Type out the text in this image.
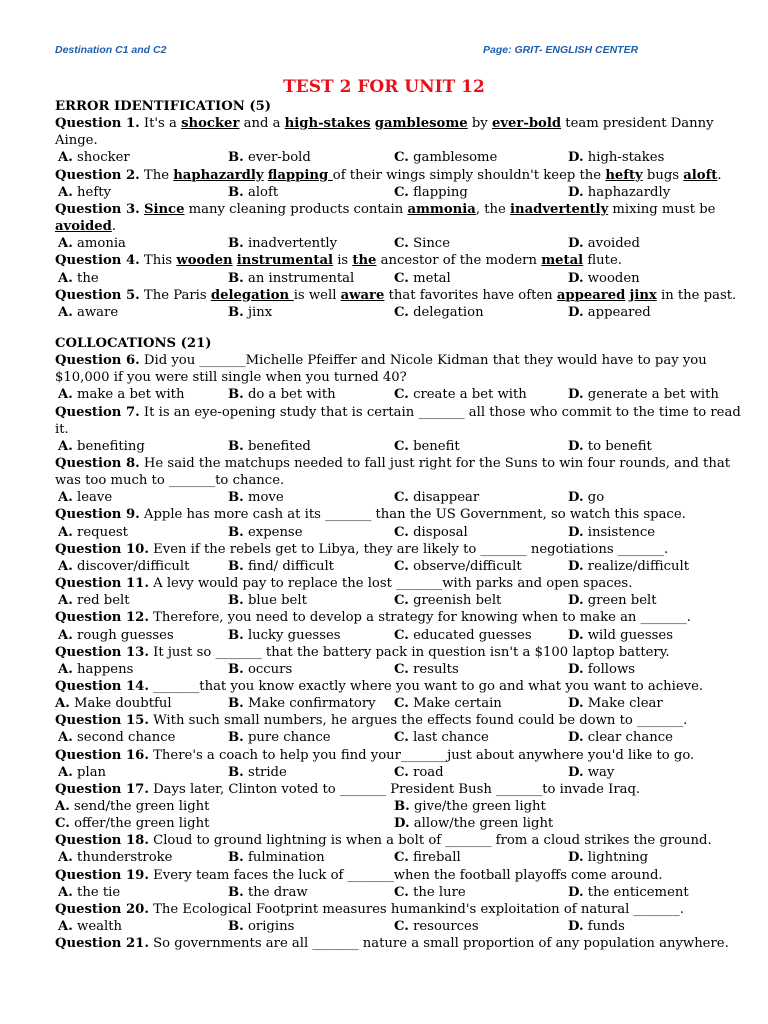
Destination C1 and C2	Page: GRIT- ENGLISH CENTER
TEST 2 FOR UNIT 12
ERROR IDENTIFICATION (5)
Question 1. It's a shocker and a high-stakes gamblesome by ever-bold team president Danny
Ainge.
A. shocker	B. ever-bold	C. gamblesome	D. high-stakes
Question 2. The haphazardly flapping of their wings simply shouldn't keep the hefty bugs aloft.
A. hefty	B. aloft	C. flapping	D. haphazardly
Question 3. Since many cleaning products contain ammonia, the inadvertently mixing must be
avoided.
A. amonia	B. inadvertently	C. Since	D. avoided
Question 4. This wooden instrumental is the ancestor of the modern metal flute.
A. the	B. an instrumental	C. metal	D. wooden
Question 5. The Paris delegation is well aware that favorites have often appeared jinx in the past.
A. aware	B. jinx	C. delegation	D. appeared
COLLOCATIONS (21)
Question 6. Did you _______Michelle Pfeiffer and Nicole Kidman that they would have to pay you
$10,000 if you were still single when you turned 40?
A. make a bet with	B. do a bet with	C. create a bet with	D. generate a bet with
Question 7. It is an eye-opening study that is certain _______ all those who commit to the time to read
it.
A. benefiting	B. benefited	C. benefit	D. to benefit
Question 8. He said the matchups needed to fall just right for the Suns to win four rounds, and that
was too much to _______to chance.
A. leave	B. move	C. disappear	D. go
Question 9. Apple has more cash at its _______ than the US Government, so watch this space.
A. request	B. expense	C. disposal	D. insistence
Question 10. Even if the rebels get to Libya, they are likely to _______ negotiations _______.
A. discover/difficult	B. find/ difficult	C. observe/difficult	D. realize/difficult
Question 11. A levy would pay to replace the lost _______with parks and open spaces.
A. red belt	B. blue belt	C. greenish belt	D. green belt
Question 12. Therefore, you need to develop a strategy for knowing when to make an _______.
A. rough guesses	B. lucky guesses	C. educated guesses	D. wild guesses
Question 13. It just so _______ that the battery pack in question isn't a $100 laptop battery.
A. happens	B. occurs	C. results	D. follows
Question 14. _______that you know exactly where you want to go and what you want to achieve.
A. Make doubtful	B. Make confirmatory C. Make certain	D. Make clear
Question 15. With such small numbers, he argues the effects found could be down to _______.
A. second chance	B. pure chance	C. last chance	D. clear chance
Question 16. There's a coach to help you find your_______just about anywhere you'd like to go.
A. plan	B. stride	C. road	D. way
Question 17. Days later, Clinton voted to _______ President Bush _______to invade Iraq.
A. send/the green light	B. give/the green light
C. offer/the green light	D. allow/the green light
Question 18. Cloud to ground lightning is when a bolt of _______ from a cloud strikes the ground.
A. thunderstroke	B. fulmination	C. fireball	D. lightning
Question 19. Every team faces the luck of _______when the football playoffs come around.
A. the tie	B. the draw	C. the lure	D. the enticement
Question 20. The Ecological Footprint measures humankind's exploitation of natural _______.
A. wealth	B. origins	C. resources	D. funds
Question 21. So governments are all _______ nature a small proportion of any population anywhere.
